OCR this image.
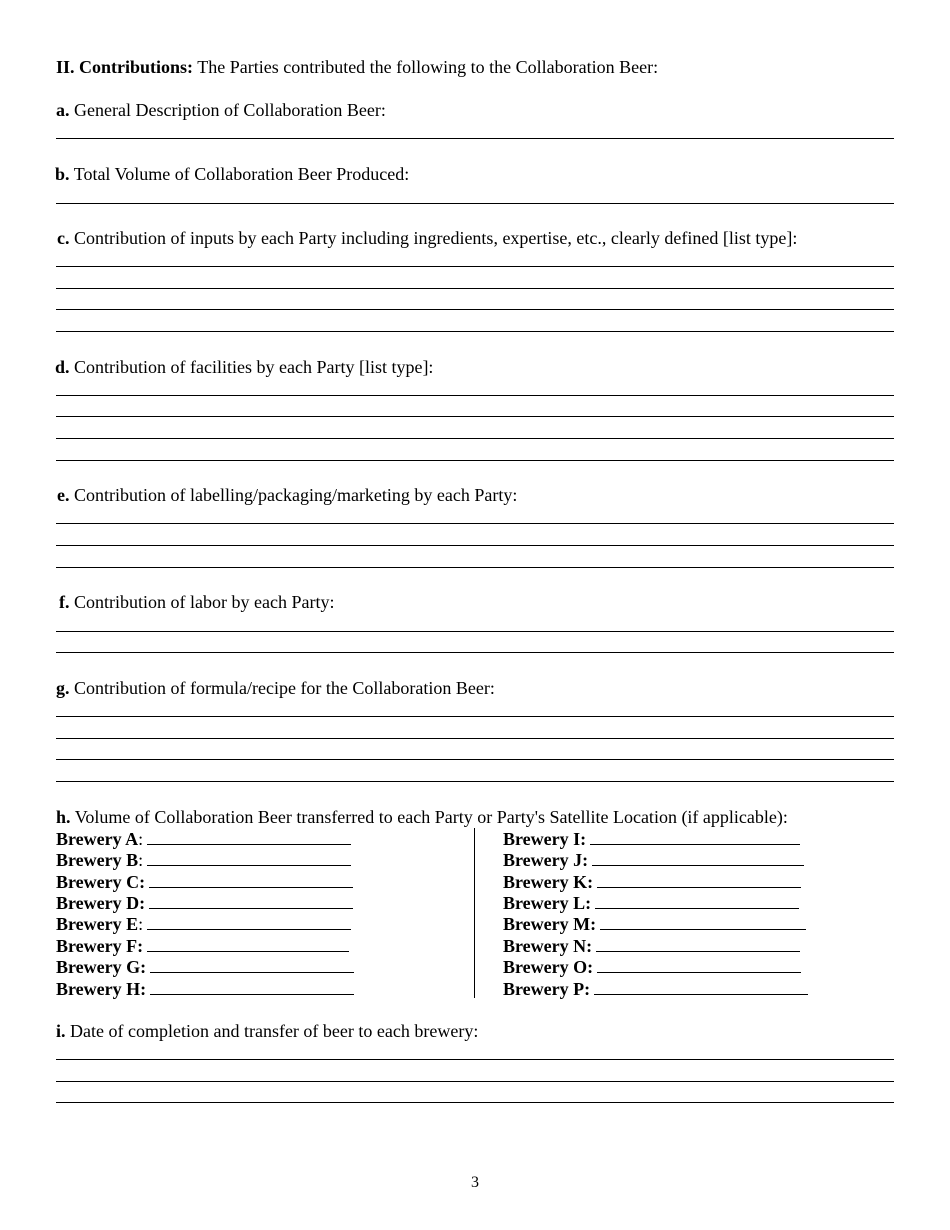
II. Contributions: The Parties contributed the following to the Collaboration Beer:
a. General Description of Collaboration Beer:
b. Total Volume of Collaboration Beer Produced:
c. Contribution of inputs by each Party including ingredients, expertise, etc., clearly defined [list type]:
d. Contribution of facilities by each Party [list type]:
e. Contribution of labelling/packaging/marketing by each Party:
f. Contribution of labor by each Party:
g. Contribution of formula/recipe for the Collaboration Beer:
h. Volume of Collaboration Beer transferred to each Party or Party's Satellite Location (if applicable):
Brewery A:
Brewery B:
Brewery C:
Brewery D:
Brewery E:
Brewery F:
Brewery G:
Brewery H:
Brewery I:
Brewery J:
Brewery K:
Brewery L:
Brewery M:
Brewery N:
Brewery O:
Brewery P:
i. Date of completion and transfer of beer to each brewery:
3
